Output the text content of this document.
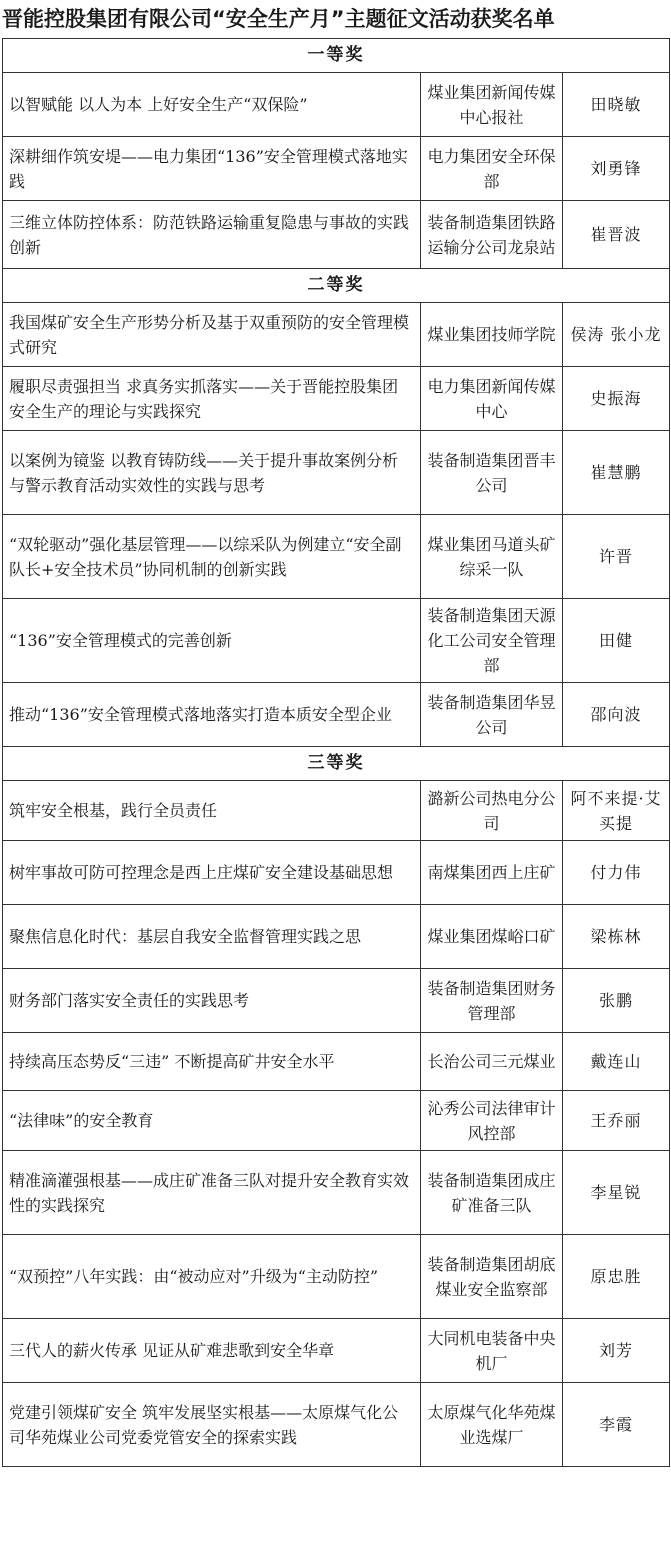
晋能控股集团有限公司“安全生产月”主题征文活动获奖名单
一等奖		
以智赋能 以人为本 上好安全生产“双保险”	煤业集团新闻传媒中心报社	田晓敏
深耕细作筑安堤——电力集团“136”安全管理模式落地实践	电力集团安全环保部	刘勇锋
三维立体防控体系：防范铁路运输重复隐患与事故的实践创新	装备制造集团铁路运输分公司龙泉站	崔晋波
二等奖		
我国煤矿安全生产形势分析及基于双重预防的安全管理模式研究	煤业集团技师学院	侯涛 张小龙
履职尽责强担当 求真务实抓落实——关于晋能控股集团安全生产的理论与实践探究	电力集团新闻传媒中心	史振海
以案例为镜鉴 以教育铸防线——关于提升事故案例分析与警示教育活动实效性的实践与思考	装备制造集团晋丰公司	崔慧鹏
“双轮驱动”强化基层管理——以综采队为例建立“安全副队长+安全技术员”协同机制的创新实践	煤业集团马道头矿综采一队	许晋
“136”安全管理模式的完善创新	装备制造集团天源化工公司安全管理部	田健
推动“136”安全管理模式落地落实打造本质安全型企业	装备制造集团华昱公司	邵向波
三等奖		
筑牢安全根基，践行全员责任	潞新公司热电分公司	阿不来提·艾买提
树牢事故可防可控理念是西上庄煤矿安全建设基础思想	南煤集团西上庄矿	付力伟
聚焦信息化时代：基层自我安全监督管理实践之思	煤业集团煤峪口矿	梁栋林
财务部门落实安全责任的实践思考	装备制造集团财务管理部	张鹏
持续高压态势反“三违” 不断提高矿井安全水平	长治公司三元煤业	戴连山
“法律味”的安全教育	沁秀公司法律审计风控部	王乔丽
精准滴灌强根基——成庄矿准备三队对提升安全教育实效性的实践探究	装备制造集团成庄矿准备三队	李星锐
“双预控”八年实践：由“被动应对”升级为“主动防控”	装备制造集团胡底煤业安全监察部	原忠胜
三代人的薪火传承 见证从矿难悲歌到安全华章	大同机电装备中央机厂	刘芳
党建引领煤矿安全 筑牢发展坚实根基——太原煤气化公司华苑煤业公司党委党管安全的探索实践	太原煤气化华苑煤业选煤厂	李霞
